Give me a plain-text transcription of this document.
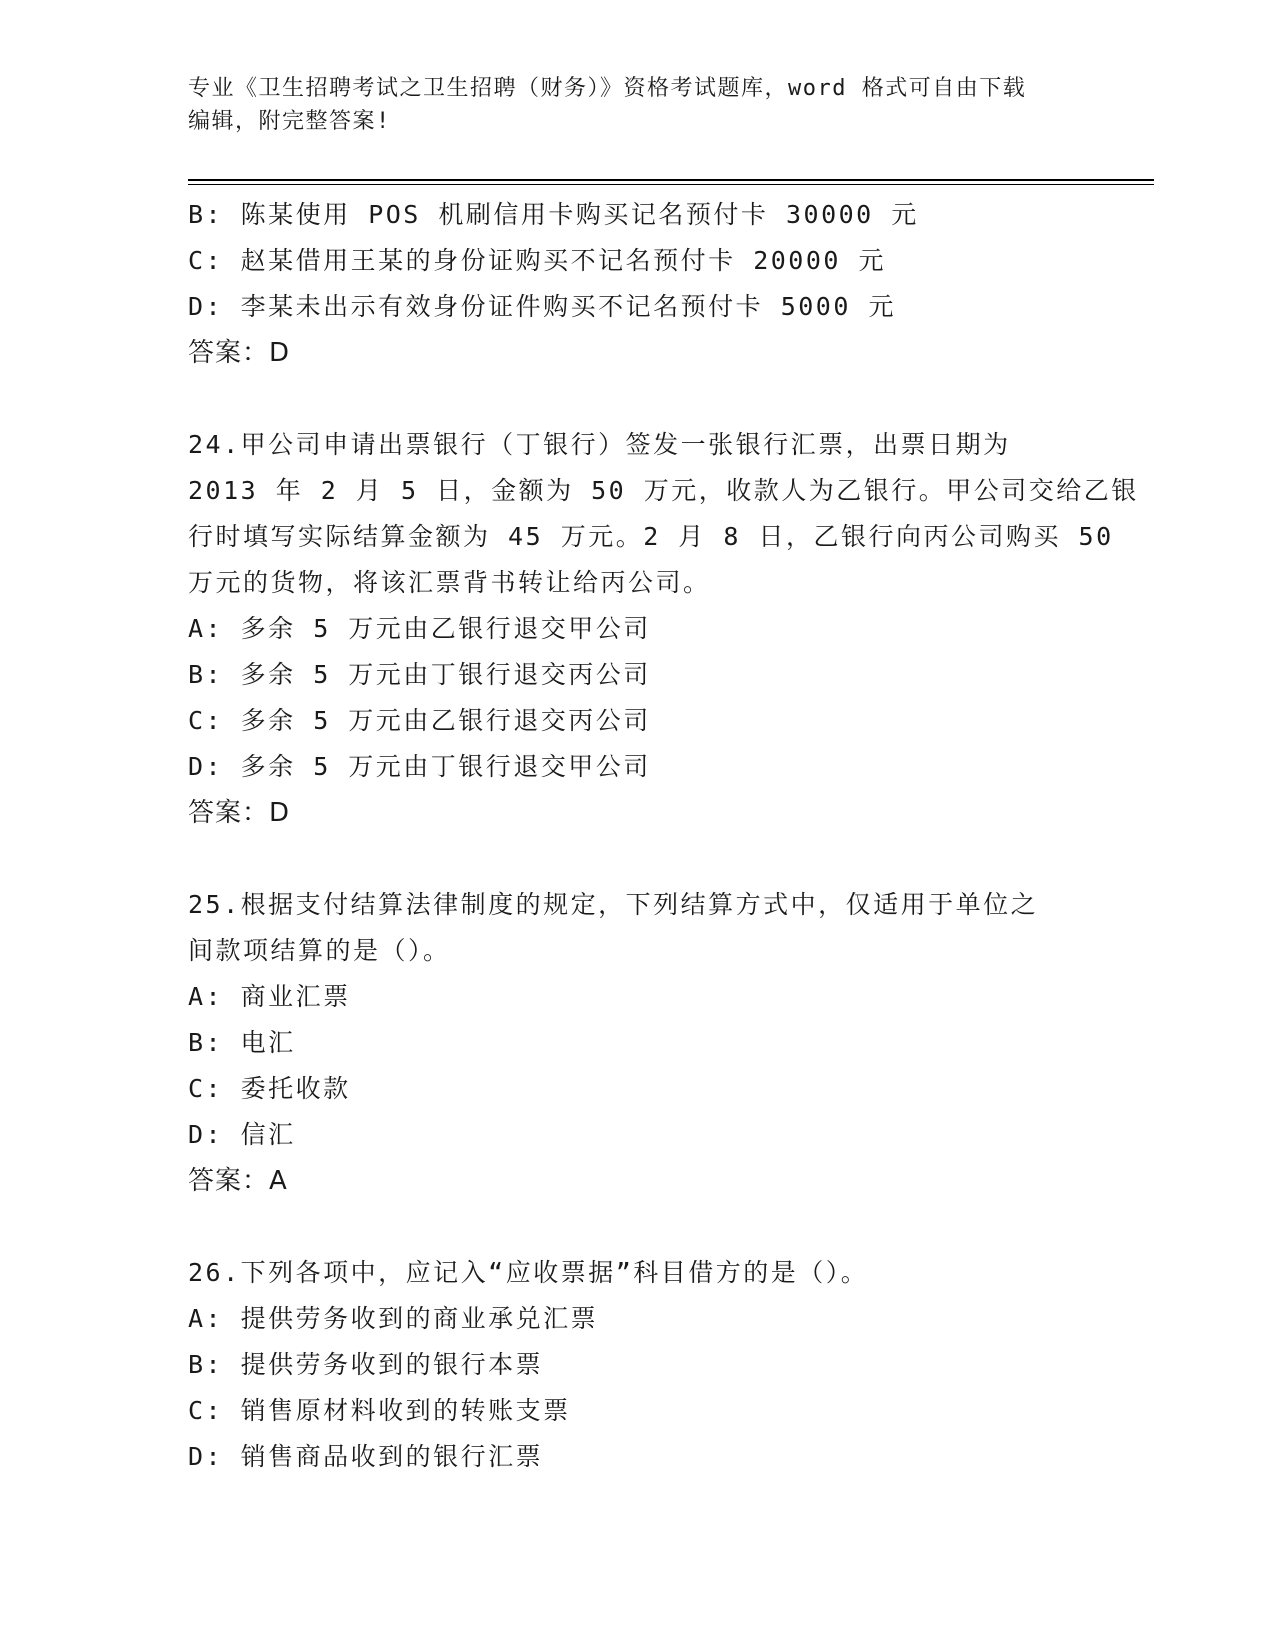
专业《卫生招聘考试之卫生招聘（财务）》资格考试题库，word 格式可自由下载
编辑，附完整答案!
B: 陈某使用 POS 机刷信用卡购买记名预付卡 30000 元
C: 赵某借用王某的身份证购买不记名预付卡 20000 元
D: 李某未出示有效身份证件购买不记名预付卡 5000 元
答案：D
24.甲公司申请出票银行（丁银行）签发一张银行汇票，出票日期为
2013 年 2 月 5 日，金额为 50 万元，收款人为乙银行。甲公司交给乙银
行时填写实际结算金额为 45 万元。2 月 8 日，乙银行向丙公司购买 50
万元的货物，将该汇票背书转让给丙公司。
A: 多余 5 万元由乙银行退交甲公司
B: 多余 5 万元由丁银行退交丙公司
C: 多余 5 万元由乙银行退交丙公司
D: 多余 5 万元由丁银行退交甲公司
答案：D
25.根据支付结算法律制度的规定，下列结算方式中，仅适用于单位之
间款项结算的是（）。
A: 商业汇票
B: 电汇
C: 委托收款
D: 信汇
答案：A
26.下列各项中，应记入“应收票据”科目借方的是（）。
A: 提供劳务收到的商业承兑汇票
B: 提供劳务收到的银行本票
C: 销售原材料收到的转账支票
D: 销售商品收到的银行汇票
